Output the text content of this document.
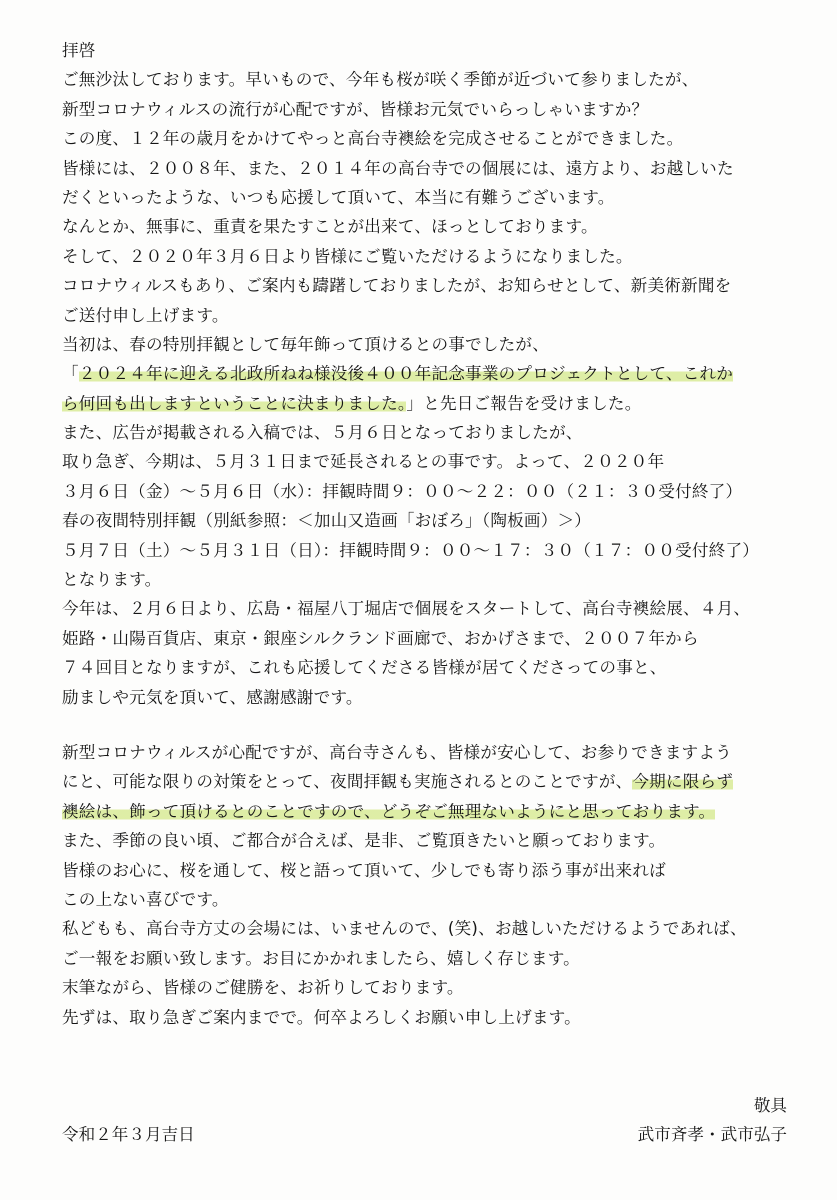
拝啓
ご無沙汰しております。早いもので、今年も桜が咲く季節が近づいて参りましたが、
新型コロナウィルスの流行が心配ですが、皆様お元気でいらっしゃいますか？
この度、１２年の歳月をかけてやっと高台寺襖絵を完成させることができました。
皆様には、２００８年、また、２０１４年の高台寺での個展には、遠方より、お越しいた
だくといったような、いつも応援して頂いて、本当に有難うございます。
なんとか、無事に、重責を果たすことが出来て、ほっとしております。
そして、２０２０年３月６日より皆様にご覧いただけるようになりました。
コロナウィルスもあり、ご案内も躊躇しておりましたが、お知らせとして、新美術新聞を
ご送付申し上げます。
当初は、春の特別拝観として毎年飾って頂けるとの事でしたが、
「２０２４年に迎える北政所ねね様没後４００年記念事業のプロジェクトとして、これか
ら何回も出しますということに決まりました。」と先日ご報告を受けました。
また、広告が掲載される入稿では、５月６日となっておりましたが、
取り急ぎ、今期は、５月３１日まで延長されるとの事です。よって、２０２０年
３月６日（金）～５月６日（水）：拝観時間９：００～２２：００（２１：３０受付終了）
春の夜間特別拝観（別紙参照：＜加山又造画「おぼろ」（陶板画）＞）
５月７日（土）～５月３１日（日）：拝観時間９：００～１７：３０（１７：００受付終了）
となります。
今年は、２月６日より、広島・福屋八丁堀店で個展をスタートして、高台寺襖絵展、４月、
姫路・山陽百貨店、東京・銀座シルクランド画廊で、おかげさまで、２００７年から
７４回目となりますが、これも応援してくださる皆様が居てくださっての事と、
励ましや元気を頂いて、感謝感謝です。
新型コロナウィルスが心配ですが、高台寺さんも、皆様が安心して、お参りできますよう
にと、可能な限りの対策をとって、夜間拝観も実施されるとのことですが、今期に限らず
襖絵は、飾って頂けるとのことですので、どうぞご無理ないようにと思っております。
また、季節の良い頃、ご都合が合えば、是非、ご覧頂きたいと願っております。
皆様のお心に、桜を通して、桜と語って頂いて、少しでも寄り添う事が出来れば
この上ない喜びです。
私どもも、高台寺方丈の会場には、いませんので、(笑)、お越しいただけるようであれば、
ご一報をお願い致します。お目にかかれましたら、嬉しく存じます。
末筆ながら、皆様のご健勝を、お祈りしております。
先ずは、取り急ぎご案内までで。何卒よろしくお願い申し上げます。
敬具
令和２年３月吉日	武市斉孝・武市弘子
